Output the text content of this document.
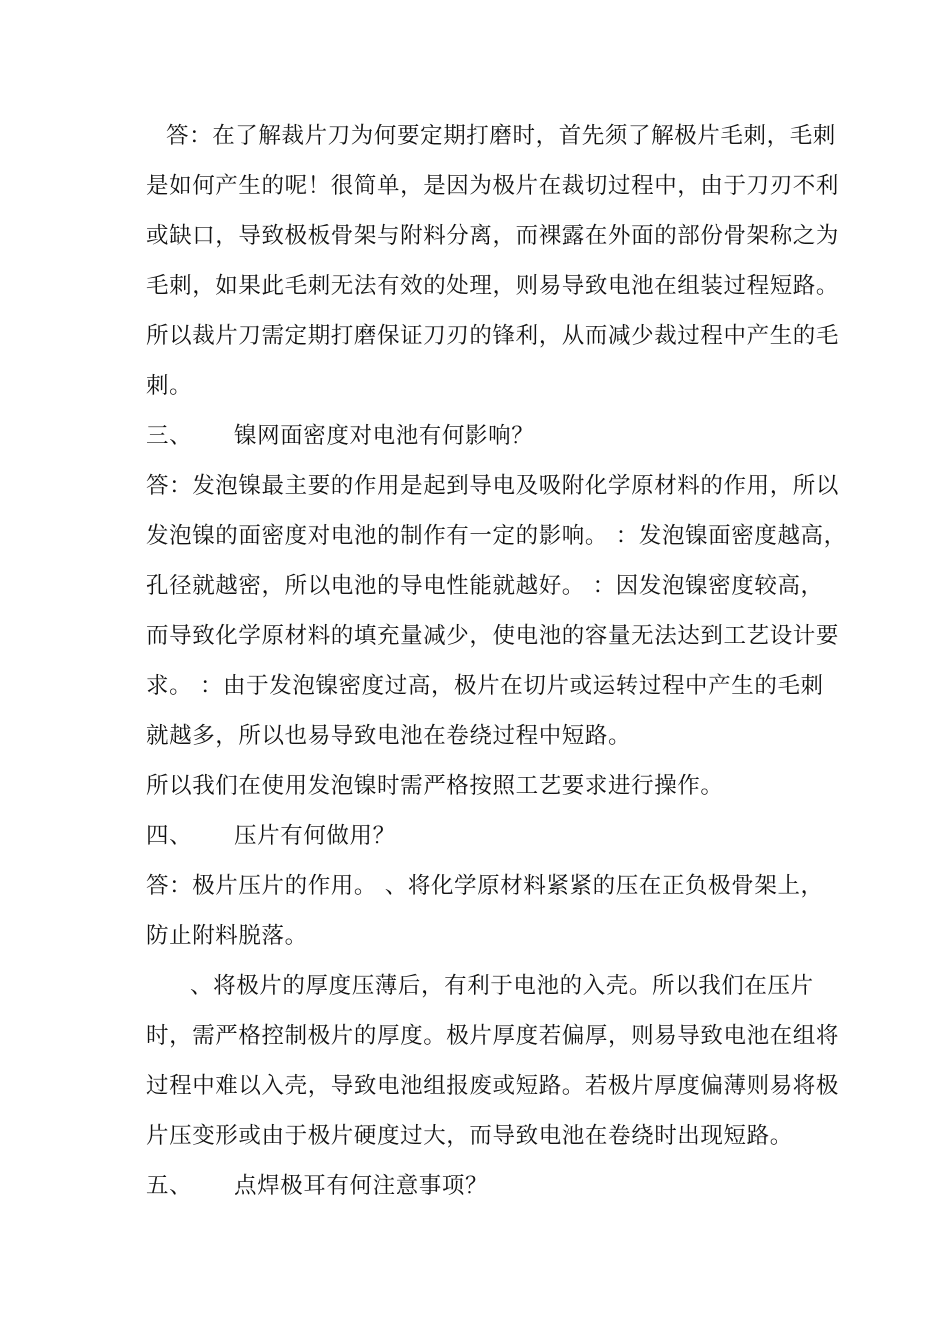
答：在了解裁片刀为何要定期打磨时，首先须了解极片毛刺，毛刺
是如何产生的呢！很简单，是因为极片在裁切过程中，由于刀刃不利
或缺口，导致极板骨架与附料分离，而裸露在外面的部份骨架称之为
毛刺，如果此毛刺无法有效的处理，则易导致电池在组装过程短路。
所以裁片刀需定期打磨保证刀刃的锋利，从而减少裁过程中产生的毛
刺。
三、 镍网面密度对电池有何影响？
答：发泡镍最主要的作用是起到导电及吸附化学原材料的作用，所以
发泡镍的面密度对电池的制作有一定的影响。 ：发泡镍面密度越高，
孔径就越密，所以电池的导电性能就越好。 ：因发泡镍密度较高，
而导致化学原材料的填充量减少，使电池的容量无法达到工艺设计要
求。 ：由于发泡镍密度过高，极片在切片或运转过程中产生的毛刺
就越多，所以也易导致电池在卷绕过程中短路。
所以我们在使用发泡镍时需严格按照工艺要求进行操作。
四、 压片有何做用？
答：极片压片的作用。 、将化学原材料紧紧的压在正负极骨架上，
防止附料脱落。
、将极片的厚度压薄后，有利于电池的入壳。所以我们在压片
时，需严格控制极片的厚度。极片厚度若偏厚，则易导致电池在组将
过程中难以入壳，导致电池组报废或短路。若极片厚度偏薄则易将极
片压变形或由于极片硬度过大，而导致电池在卷绕时出现短路。
五、 点焊极耳有何注意事项？
